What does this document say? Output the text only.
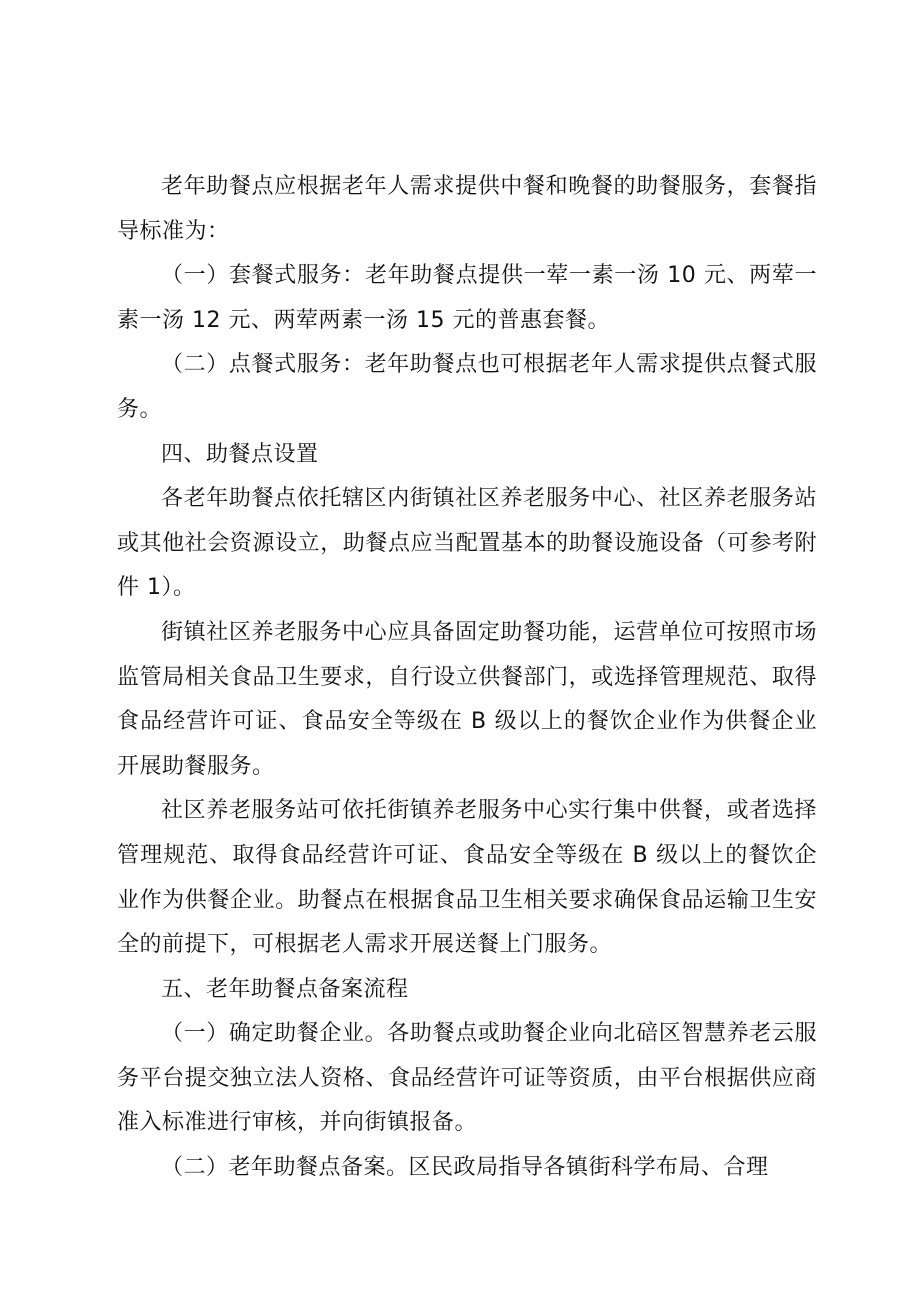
老年助餐点应根据老年人需求提供中餐和晚餐的助餐服务，套餐指导标准为：

（一）套餐式服务：老年助餐点提供一荤一素一汤 10 元、两荤一素一汤 12 元、两荤两素一汤 15 元的普惠套餐。

（二）点餐式服务：老年助餐点也可根据老年人需求提供点餐式服务。

四、助餐点设置

各老年助餐点依托辖区内街镇社区养老服务中心、社区养老服务站或其他社会资源设立，助餐点应当配置基本的助餐设施设备（可参考附件 1）。

街镇社区养老服务中心应具备固定助餐功能，运营单位可按照市场监管局相关食品卫生要求，自行设立供餐部门，或选择管理规范、取得食品经营许可证、食品安全等级在 B 级以上的餐饮企业作为供餐企业开展助餐服务。

社区养老服务站可依托街镇养老服务中心实行集中供餐，或者选择管理规范、取得食品经营许可证、食品安全等级在 B 级以上的餐饮企业作为供餐企业。助餐点在根据食品卫生相关要求确保食品运输卫生安全的前提下，可根据老人需求开展送餐上门服务。

五、老年助餐点备案流程

（一）确定助餐企业。各助餐点或助餐企业向北碚区智慧养老云服务平台提交独立法人资格、食品经营许可证等资质，由平台根据供应商准入标准进行审核，并向街镇报备。

（二）老年助餐点备案。区民政局指导各镇街科学布局、合理
